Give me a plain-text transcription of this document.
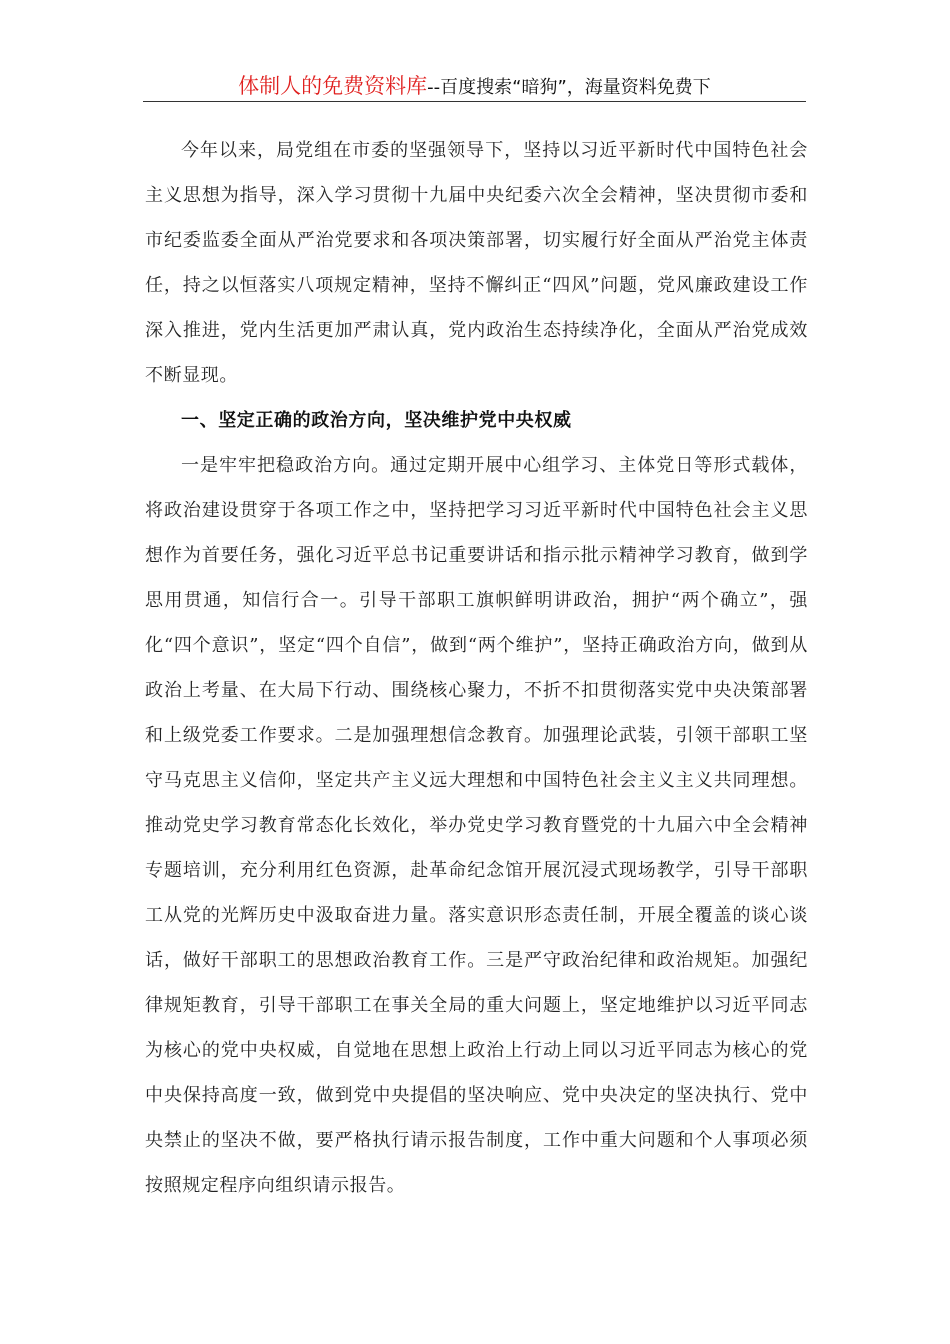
体制人的免费资料库--百度搜索“暗狗”，海量资料免费下

今年以来，局党组在市委的坚强领导下，坚持以习近平新时代中国特色社会主义思想为指导，深入学习贯彻十九届中央纪委六次全会精神，坚决贯彻市委和市纪委监委全面从严治党要求和各项决策部署，切实履行好全面从严治党主体责任，持之以恒落实八项规定精神，坚持不懈纠正“四风”问题，党风廉政建设工作深入推进，党内生活更加严肃认真，党内政治生态持续净化，全面从严治党成效不断显现。

一、坚定正确的政治方向，坚决维护党中央权威

一是牢牢把稳政治方向。通过定期开展中心组学习、主体党日等形式载体，将政治建设贯穿于各项工作之中，坚持把学习习近平新时代中国特色社会主义思想作为首要任务，强化习近平总书记重要讲话和指示批示精神学习教育，做到学思用贯通，知信行合一。引导干部职工旗帜鲜明讲政治，拥护“两个确立”，强化“四个意识”，坚定“四个自信”，做到“两个维护”，坚持正确政治方向，做到从政治上考量、在大局下行动、围绕核心聚力，不折不扣贯彻落实党中央决策部署和上级党委工作要求。二是加强理想信念教育。加强理论武装，引领干部职工坚守马克思主义信仰，坚定共产主义远大理想和中国特色社会主义主义共同理想。推动党史学习教育常态化长效化，举办党史学习教育暨党的十九届六中全会精神专题培训，充分利用红色资源，赴革命纪念馆开展沉浸式现场教学，引导干部职工从党的光辉历史中汲取奋进力量。落实意识形态责任制，开展全覆盖的谈心谈话，做好干部职工的思想政治教育工作。三是严守政治纪律和政治规矩。加强纪律规矩教育，引导干部职工在事关全局的重大问题上，坚定地维护以习近平同志为核心的党中央权威，自觉地在思想上政治上行动上同以习近平同志为核心的党中央保持高度一致，做到党中央提倡的坚决响应、党中央决定的坚决执行、党中央禁止的坚决不做，要严格执行请示报告制度，工作中重大问题和个人事项必须按照规定程序向组织请示报告。
